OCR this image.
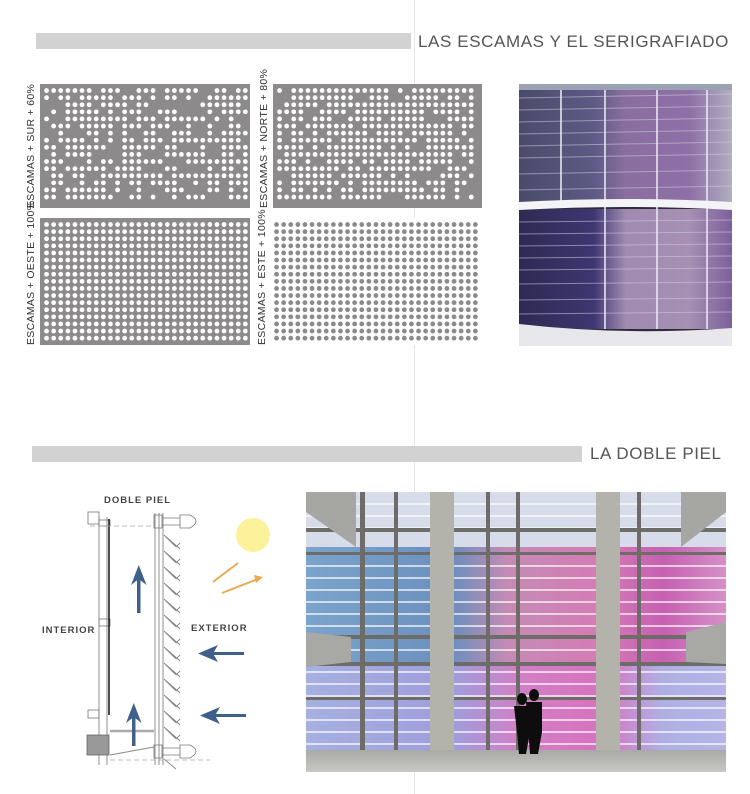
LAS ESCAMAS Y EL SERIGRAFIADO
ESCAMAS + SUR + 60%	ESCAMAS + NORTE + 80%
ESCAMAS + OESTE + 100%	ESCAMAS + ESTE + 100%
LA DOBLE PIEL
DOBLE PIEL
INTERIOR	EXTERIOR
